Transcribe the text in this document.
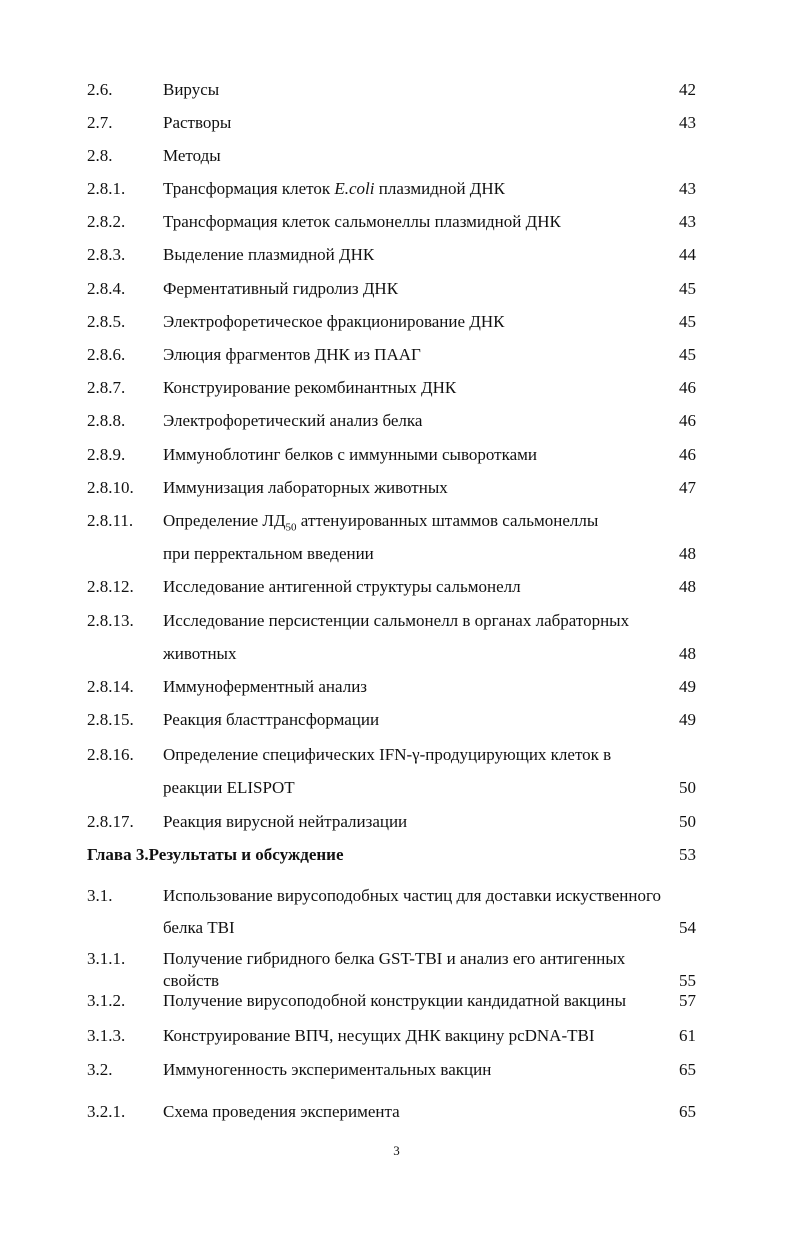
2.6.	Вирусы	42
2.7.	Растворы	43
2.8.	Методы
2.8.1. Трансформация клеток E.coli плазмидной ДНК	43
2.8.2. Трансформация клеток сальмонеллы плазмидной ДНК	43
2.8.3. Выделение плазмидной ДНК	44
2.8.4. Ферментативный гидролиз ДНК	45
2.8.5. Электрофоретическое фракционирование ДНК	45
2.8.6. Элюция фрагментов ДНК из ПААГ	45
2.8.7. Конструирование рекомбинантных ДНК	46
2.8.8. Электрофоретический анализ белка	46
2.8.9. Иммуноблотинг белков с иммунными сыворотками	46
2.8.10. Иммунизация лабораторных животных	47
2.8.11. Определение $ЛД_{50}$ аттенуированных штаммов сальмонеллы
при перректальном введении	48
2.8.12. Исследование антигенной структуры сальмонелл	48
2.8.13. Исследование персистенции сальмонелл в органах лабраторных
животных	48
2.8.14. Иммуноферментный анализ	49
2.8.15. Реакция бласттрансформации	49
2.8.16. Определение специфических IFN-γ-продуцирующих клеток в
реакции ELISPOT	50
2.8.17. Реакция вирусной нейтрализации	50
Глава 3.Результаты и обсуждение	53
3.1.	Использование вирусоподобных частиц для доставки искуственного
белка TBI	54
3.1.1. Получение гибридного белка GST-TBI и анализ его антигенных
свойств	55
3.1.2. Получение вирусоподобной конструкции кандидатной вакцины	57
3.1.3. Конструирование ВПЧ, несущих ДНК вакцину pcDNA-TBI	61
3.2.	Иммуногенность экспериментальных вакцин	65
3.2.1. Схема проведения эксперимента	65
3
